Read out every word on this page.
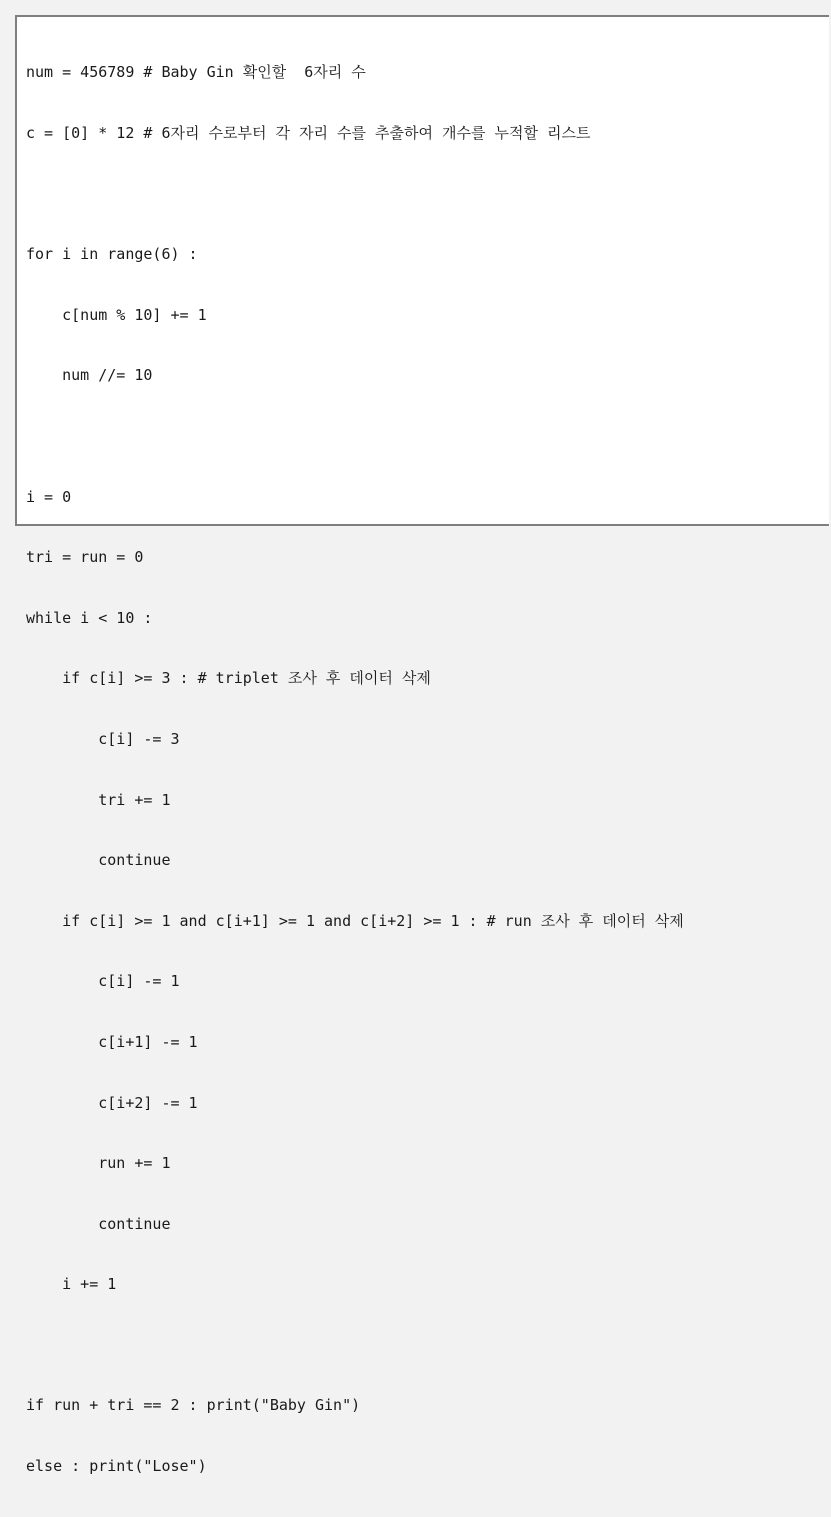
num = 456789 # Baby Gin 확인할  6자리 수

c = [0] * 12 # 6자리 수로부터 각 자리 수를 추출하여 개수를 누적할 리스트

for i in range(6) :

c[num % 10] += 1

num //= 10

i = 0

tri = run = 0

while i < 10 :

if c[i] >= 3 : # triplet 조사 후 데이터 삭제

c[i] -= 3

tri += 1

continue

if c[i] >= 1 and c[i+1] >= 1 and c[i+2] >= 1 : # run 조사 후 데이터 삭제

c[i] -= 1

c[i+1] -= 1

c[i+2] -= 1

run += 1

continue

i += 1

if run + tri == 2 : print("Baby Gin")

else : print("Lose")
